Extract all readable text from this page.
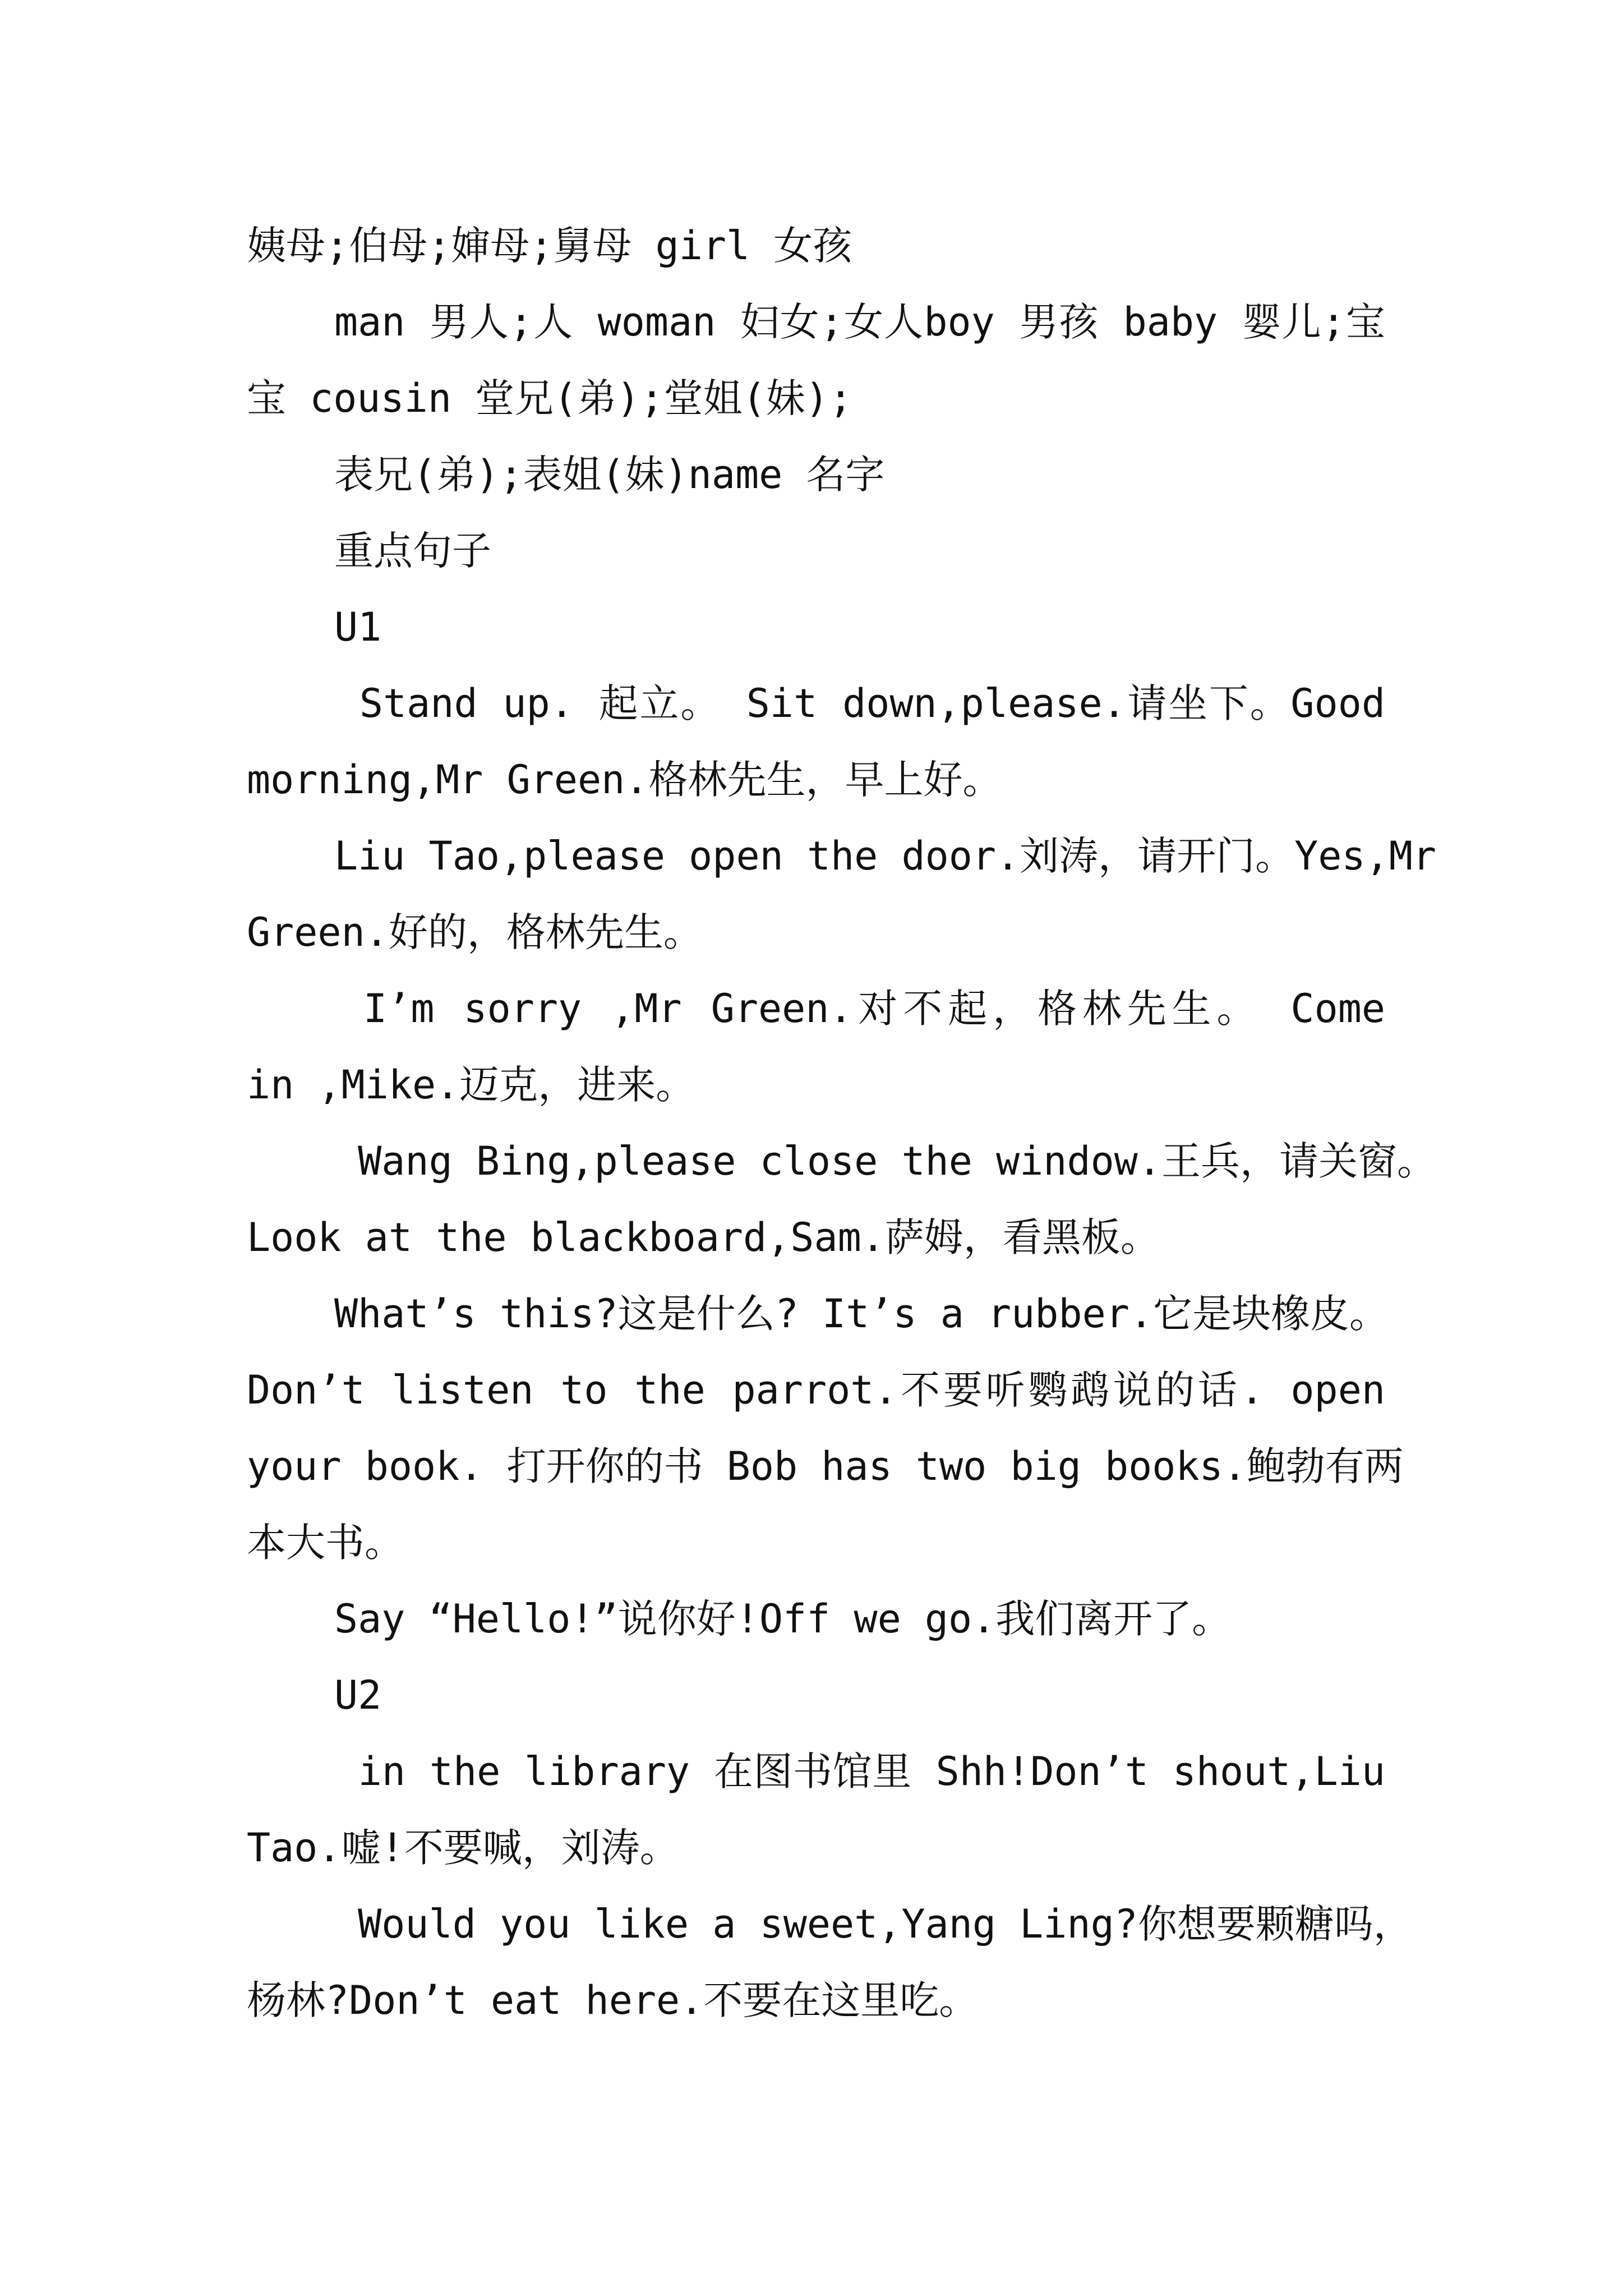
姨母;伯母;婶母;舅母 girl 女孩
man 男人;人 woman 妇女;女人boy 男孩 baby 婴儿;宝
宝 cousin 堂兄(弟);堂姐(妹);
表兄(弟);表姐(妹)name 名字
重点句子
U1
Stand up. 起立。 Sit down,please.请坐下。Good
morning,Mr Green.格林先生，早上好。
Liu Tao,please open the door.刘涛，请开门。Yes,Mr
Green.好的，格林先生。
I’m sorry ,Mr Green.对不起，格林先生。 Come
in ,Mike.迈克，进来。
Wang Bing,please close the window.王兵，请关窗。
Look at the blackboard,Sam.萨姆，看黑板。
What’s this?这是什么? It’s a rubber.它是块橡皮。
Don’t listen to the parrot.不要听鹦鹉说的话. open
your book. 打开你的书 Bob has two big books.鲍勃有两
本大书。
Say “Hello!”说你好!Off we go.我们离开了。
U2
in the library 在图书馆里 Shh!Don’t shout,Liu
Tao.嘘!不要喊，刘涛。
Would you like a sweet,Yang Ling?你想要颗糖吗，
杨林?Don’t eat here.不要在这里吃。
